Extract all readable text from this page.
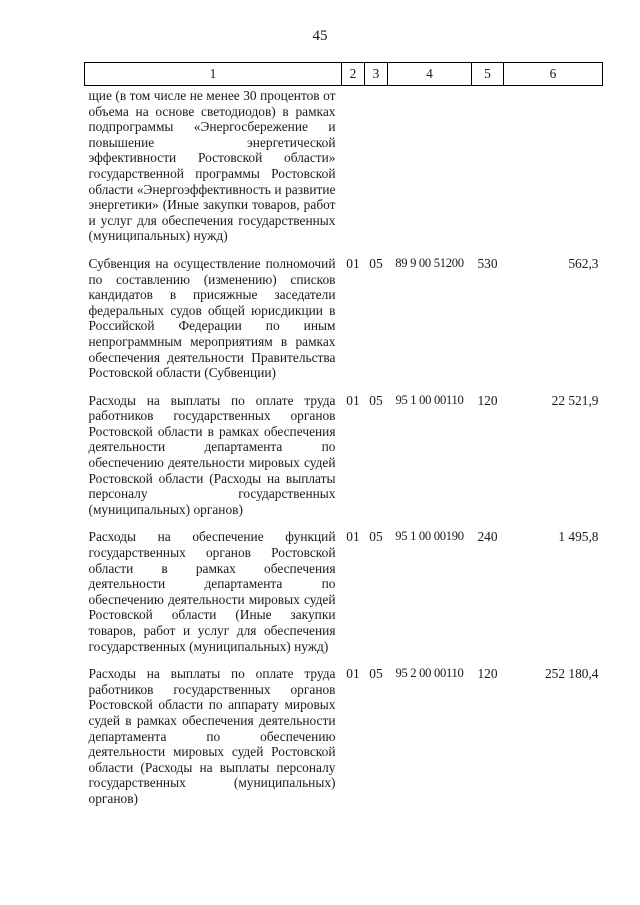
45
1	2	3	4	5	6
щие (в том числе не менее 30 процентов от объема на основе светодиодов) в рамках подпрограммы «Энергосбережение и повышение энергетической эффективности Ростовской области» государственной программы Ростовской области «Энергоэффективность и развитие энергетики» (Иные закупки товаров, работ и услуг для обеспечения государственных (муниципальных) нужд)					
Субвенция на осуществление полномочий по составлению (изменению) списков кандидатов в присяжные заседатели федеральных судов общей юрисдикции в Российской Федерации по иным непрограммным мероприятиям в рамках обеспечения деятельности Правительства Ростовской области (Субвенции)	01	05	89 9 00 51200	530	562,3
Расходы на выплаты по оплате труда работников государственных органов Ростовской области в рамках обеспечения деятельности департамента по обеспечению деятельности мировых судей Ростовской области (Расходы на выплаты персоналу государственных (муниципальных) органов)	01	05	95 1 00 00110	120	22 521,9
Расходы на обеспечение функций государственных органов Ростовской области в рамках обеспечения деятельности департамента по обеспечению деятельности мировых судей Ростовской области (Иные закупки товаров, работ и услуг для обеспечения государственных (муниципальных) нужд)	01	05	95 1 00 00190	240	1 495,8
Расходы на выплаты по оплате труда работников государственных органов Ростовской области по аппарату мировых судей в рамках обеспечения деятельности департамента по обеспечению деятельности мировых судей Ростовской области (Расходы на выплаты персоналу государственных (муниципальных) органов)	01	05	95 2 00 00110	120	252 180,4
